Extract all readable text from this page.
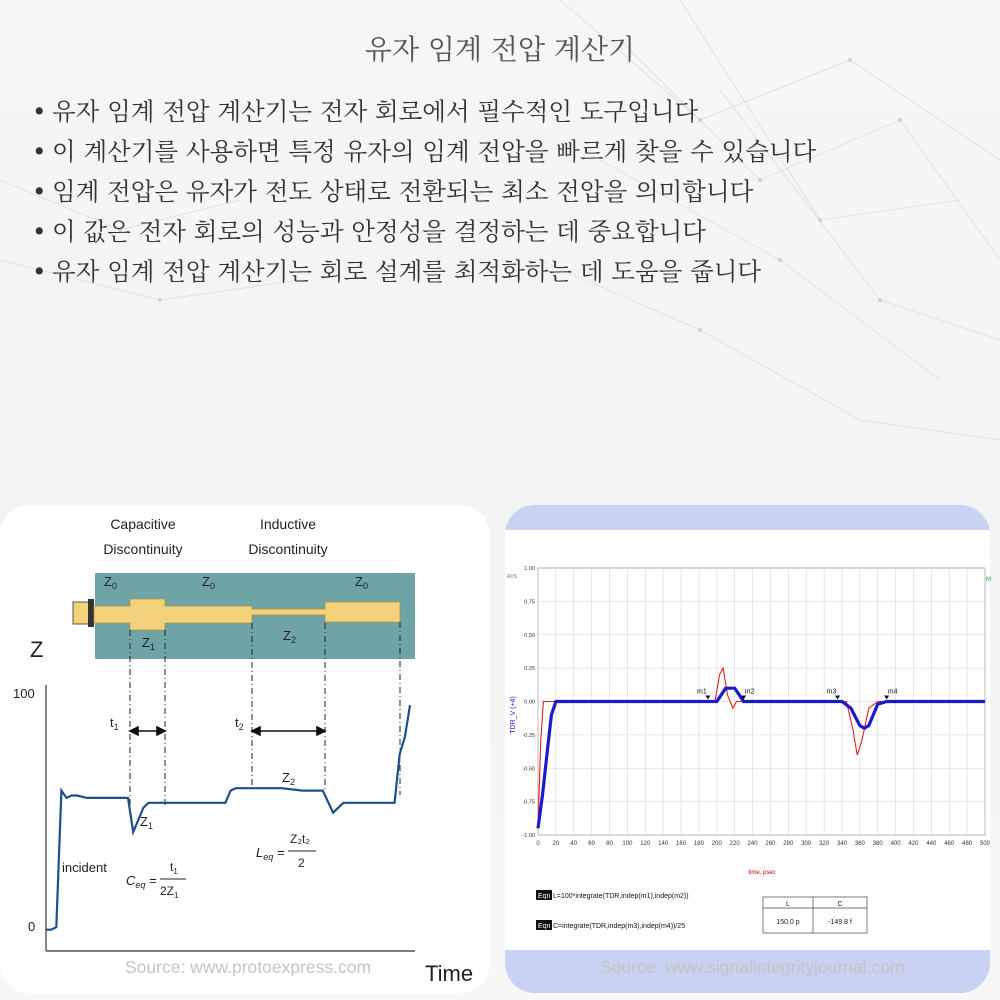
유자 임계 전압 계산기
• 유자 임계 전압 계산기는 전자 회로에서 필수적인 도구입니다
• 이 계산기를 사용하면 특정 유자의 임계 전압을 빠르게 찾을 수 있습니다
• 임계 전압은 유자가 전도 상태로 전환되는 최소 전압을 의미합니다
• 이 값은 전자 회로의 성능과 안정성을 결정하는 데 중요합니다
• 유자 임계 전압 계산기는 회로 설계를 최적화하는 데 도움을 줍니다
Capacitive
Discontinuity
Inductive
Discontinuity
$Z_0$	$Z_0$	$Z_0$
$Z_1$
$Z_2$
$t_1$	$t_2$
Z
Time
100
0
$Z_1$
$Z_2$
incident
$C_{eq}$ =
$t_1$
$2Z_1$
$L_{eq}$ =
Z₂t₂
2
Source: www.protoexpress.com
ADS
0 20 40 60 80 100 120 140 160 180 200 220 240 260 280 300 320 340 360 380 400 420 440 460 480 500
1.00
0.75
0.50
0.25
0.00
-0.25
-0.50
-0.75
-1.00
m1	m2	m3	m4
TDR_V (+4)
time, psec
M
Eqn L=100*integrate(TDR,indep(m1),indep(m2))
Eqn C=integrate(TDR,indep(m3),indep(m4))/25
L	C
150.0 p	-149.8 f
Source: www.signalintegrityjournal.com
